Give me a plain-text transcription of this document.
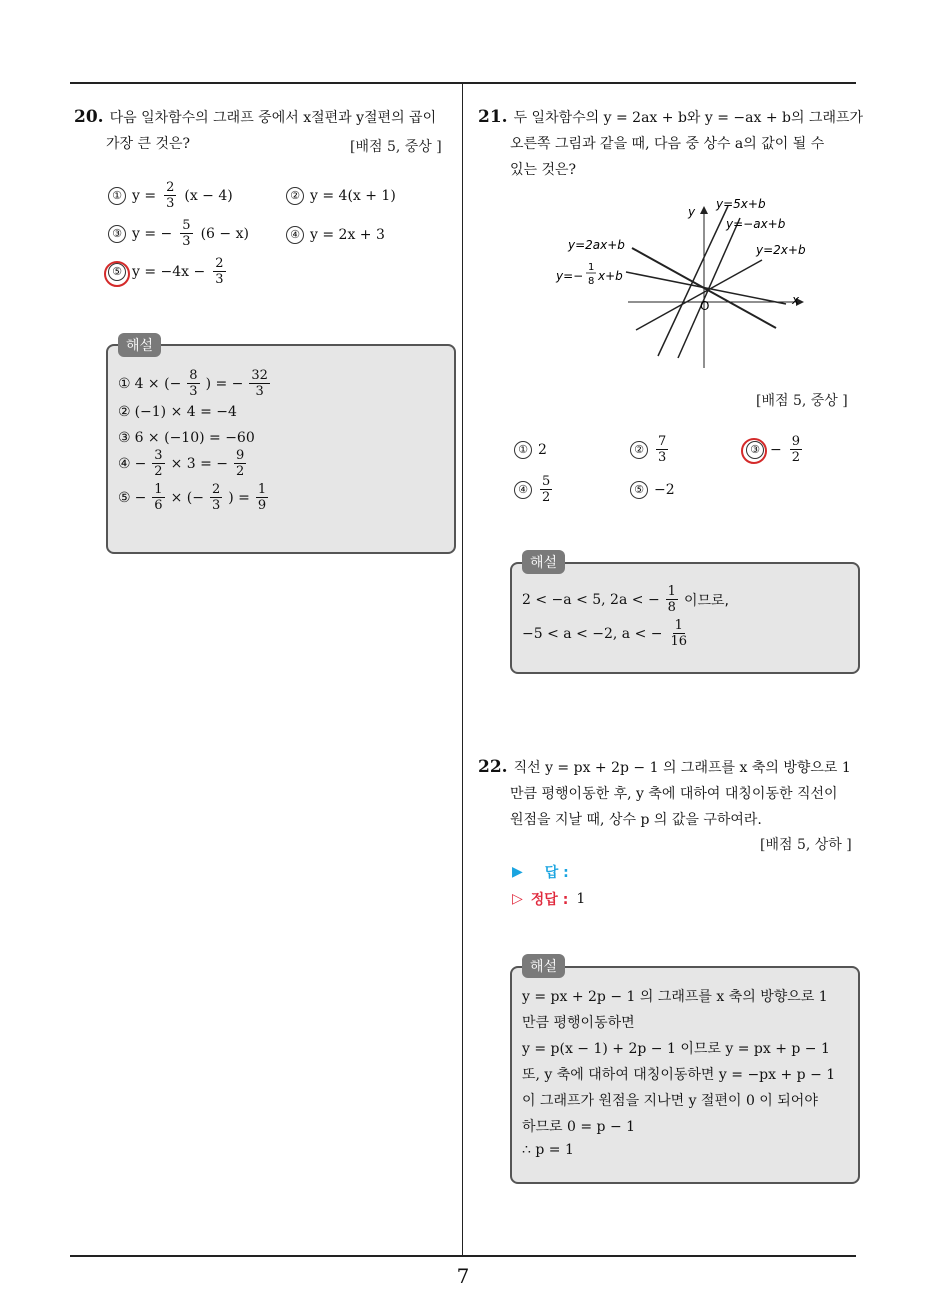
7
20. 다음 일차함수의 그래프 중에서 x절편과 y절편의 곱이
가장 큰 것은?	[배점 5, 중상 ]
① $y = \frac{2}{3} (x - 4)$	② y = 4(x + 1)
③ y = − $\frac{5}{3} (6 - x)$	④ y = 2x + 3
⑤ $y = -4x - \frac{2}{3}$
해설
① 4 × (− $\frac{8}{3}$ ) = − $\frac{32}{3}$
② (−1) × 4 = −4
③ 6 × (−10) = −60
④ − $\frac{3}{2} \times 3$ = − $\frac{9}{2}$
⑤ − $\frac{1}{6}$ × (− $\frac{2}{3}$ ) = $\frac{1}{9}$
21. 두 일차함수의 y = 2ax + b와 y = −ax + b의 그래프가
오른쪽 그림과 같을 때, 다음 중 상수 a의 값이 될 수
있는 것은?
y
x
O
y=5x+b
y=−ax+b
y=2ax+b	y=2x+b
y=−
1
8 x+b
[배점 5, 중상 ]
① 2	② $\frac{7}{3}$	③ − $\frac{9}{2}$
④ $\frac{5}{2}$	⑤ −2
해설
2 < −a < 5, 2a < − $\frac{1}{8}$ 이므로,
−5 < a < −2, a < − $\frac{1}{16}$
22. 직선 y = px + 2p − 1 의 그래프를 x 축의 방향으로 1
만큼 평행이동한 후, y 축에 대하여 대칭이동한 직선이
원점을 지날 때, 상수 p 의 값을 구하여라.
[배점 5, 상하 ]
▶ 답 :
▷ 정답 : 1
해설
y = px + 2p − 1 의 그래프를 x 축의 방향으로 1
만큼 평행이동하면
y = p(x − 1) + 2p − 1 이므로 y = px + p − 1
또, y 축에 대하여 대칭이동하면 y = −px + p − 1
이 그래프가 원점을 지나면 y 절편이 0 이 되어야
하므로 0 = p − 1
∴ p = 1
